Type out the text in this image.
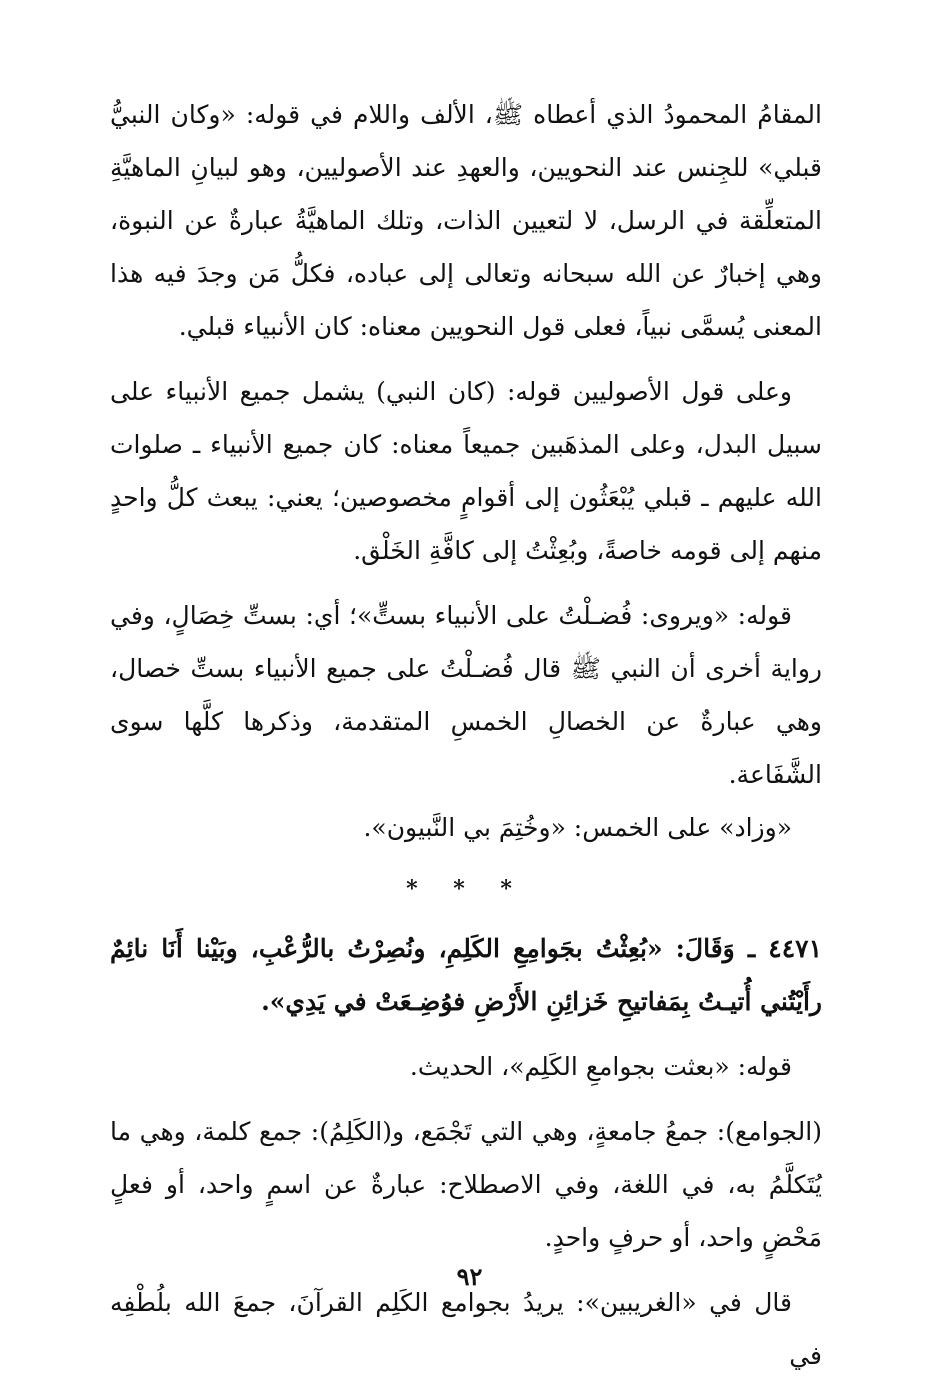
المقامُ المحمودُ الذي أعطاه ﷺ، الألف واللام في قوله: «وكان النبيُّ قبلي» للجِنس عند النحويين، والعهدِ عند الأصوليين، وهو لبيانِ الماهيَّةِ المتعلِّقة في الرسل، لا لتعيين الذات، وتلك الماهيَّةُ عبارةٌ عن النبوة، وهي إخبارٌ عن الله سبحانه وتعالى إلى عباده، فكلُّ مَن وجدَ فيه هذا المعنى يُسمَّى نبياً، فعلى قول النحويين معناه: كان الأنبياء قبلي.

وعلى قول الأصوليين قوله: (كان النبي) يشمل جميع الأنبياء على سبيل البدل، وعلى المذهَبين جميعاً معناه: كان جميع الأنبياء ـ صلوات الله عليهم ـ قبلي يُبْعَثُون إلى أقوامٍ مخصوصين؛ يعني: يبعث كلُّ واحدٍ منهم إلى قومه خاصةً، وبُعِثْتُ إلى كافَّةِ الخَلْق.

قوله: «ويروى: فُضـلْتُ على الأنبياء بستٍّ»؛ أي: بستِّ خِصَالٍ، وفي رواية أخرى أن النبي ﷺ قال فُضـلْتُ على جميع الأنبياء بستِّ خصال، وهي عبارةٌ عن الخصالِ الخمسِ المتقدمة، وذكرها كلَّها سوى الشَّفَاعة.

«وزاد» على الخمس: «وخُتِمَ بي النَّبيون».

* * *

٤٤٧١ ـ وَقَالَ: «بُعِثْتُ بجَوامِعِ الكَلِمِ، ونُصِرْتُ بالرُّعْبِ، وبَيْنا أَنَا نائِمٌ رأَيْتُني أُتيـتُ بِمَفاتيحِ خَزائِنِ الأَرْضِ فوُضِـعَتْ في يَدِي».

قوله: «بعثت بجوامعِ الكَلِم»، الحديث.

(الجوامع): جمعُ جامعةٍ، وهي التي تَجْمَع، و(الكَلِمُ): جمع كلمة، وهي ما يُتَكلَّمُ به، في اللغة، وفي الاصطلاح: عبارةٌ عن اسمٍ واحد، أو فعلٍ مَحْضٍ واحد، أو حرفٍ واحدٍ.

قال في «الغريبين»: يريدُ بجوامع الكَلِم القرآنَ، جمعَ الله بلُطْفِه في

٩٢
